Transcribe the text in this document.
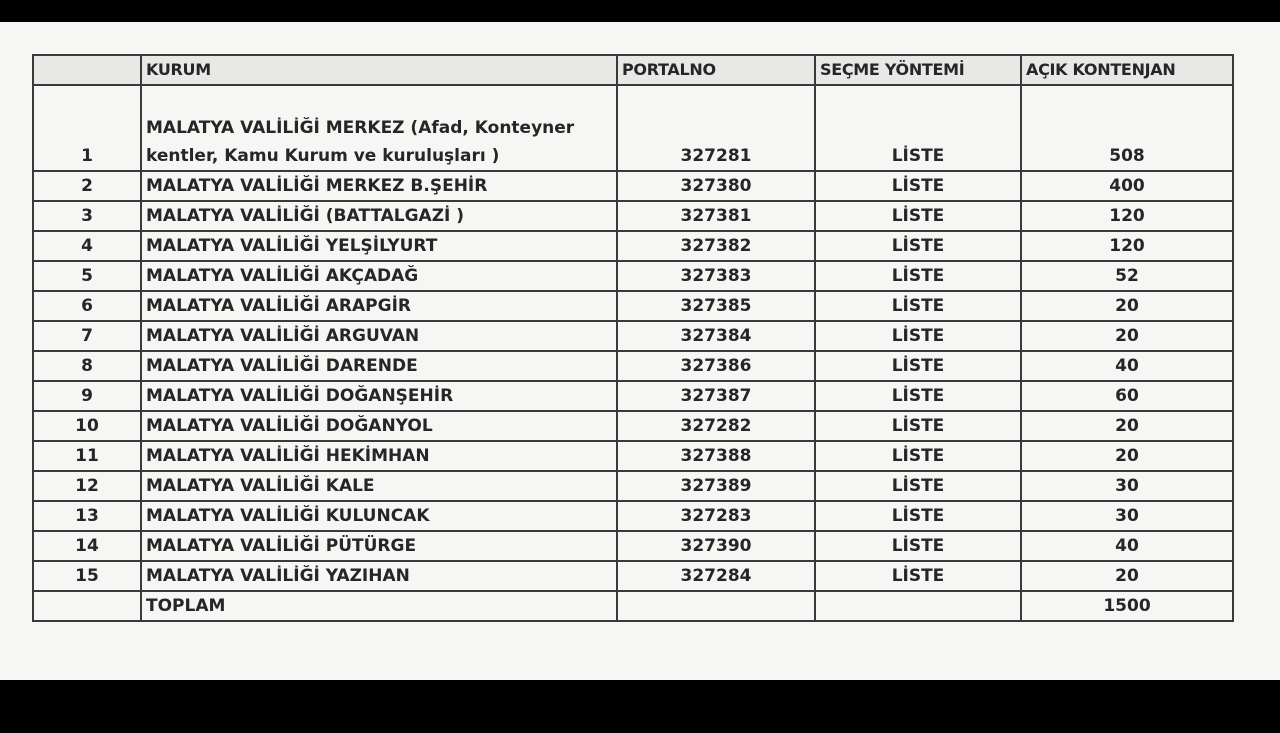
	KURUM	PORTALNO	SEÇME YÖNTEMİ	AÇIK KONTENJAN
1	MALATYA VALİLİĞİ MERKEZ (Afad, Konteyner kentler, Kamu Kurum ve kuruluşları )	327281	LİSTE	508
2	MALATYA VALİLİĞİ MERKEZ B.ŞEHİR	327380	LİSTE	400
3	MALATYA VALİLİĞİ (BATTALGAZİ )	327381	LİSTE	120
4	MALATYA VALİLİĞİ YELŞİLYURT	327382	LİSTE	120
5	MALATYA VALİLİĞİ AKÇADAĞ	327383	LİSTE	52
6	MALATYA VALİLİĞİ ARAPGİR	327385	LİSTE	20
7	MALATYA VALİLİĞİ ARGUVAN	327384	LİSTE	20
8	MALATYA VALİLİĞİ DARENDE	327386	LİSTE	40
9	MALATYA VALİLİĞİ DOĞANŞEHİR	327387	LİSTE	60
10	MALATYA VALİLİĞİ DOĞANYOL	327282	LİSTE	20
11	MALATYA VALİLİĞİ HEKİMHAN	327388	LİSTE	20
12	MALATYA VALİLİĞİ KALE	327389	LİSTE	30
13	MALATYA VALİLİĞİ KULUNCAK	327283	LİSTE	30
14	MALATYA VALİLİĞİ PÜTÜRGE	327390	LİSTE	40
15	MALATYA VALİLİĞİ YAZIHAN	327284	LİSTE	20
	TOPLAM			1500
